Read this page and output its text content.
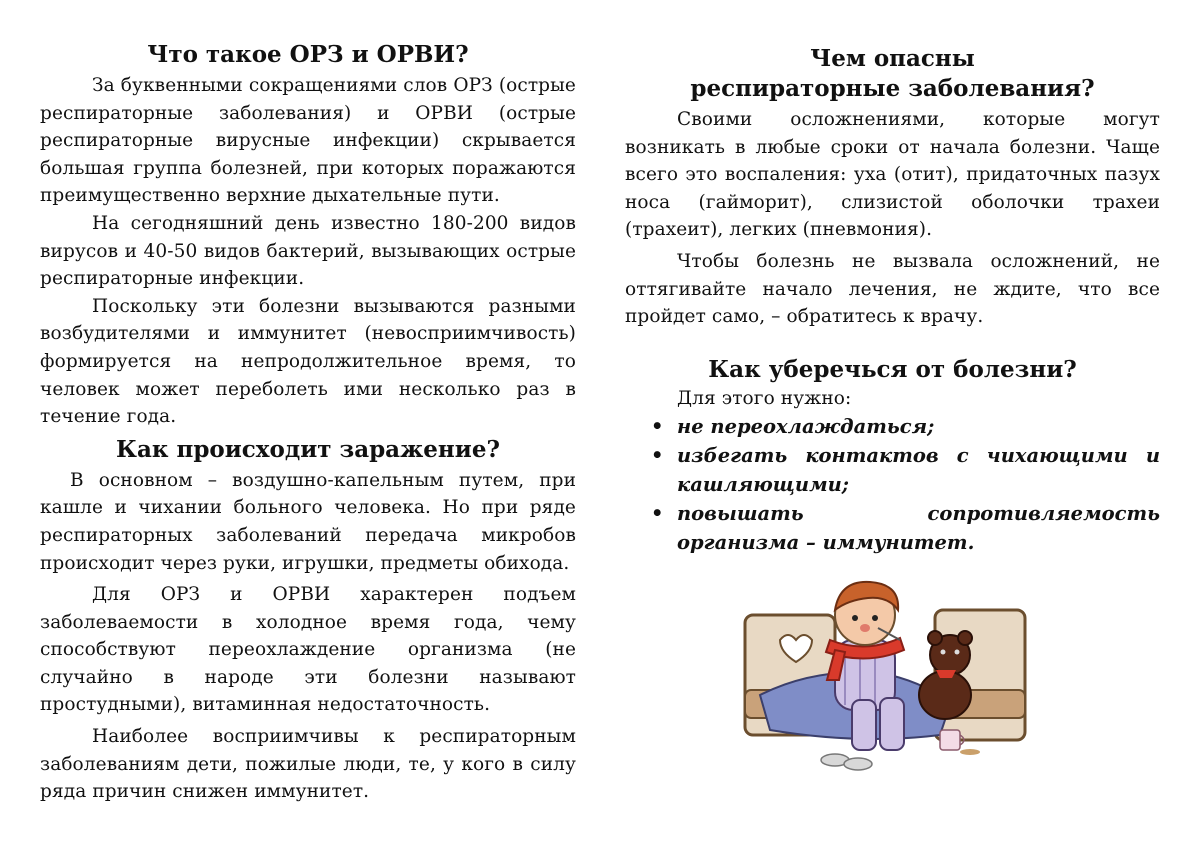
Что такое ОРЗ и ОРВИ?

За буквенными сокращениями слов ОРЗ (острые респираторные заболевания) и ОРВИ (острые респираторные вирусные инфекции) скрывается большая группа болезней, при которых поражаются преимущественно верхние дыхательные пути.

На сегодняшний день известно 180-200 видов вирусов и 40-50 видов бактерий, вызывающих острые респираторные инфекции.

Поскольку эти болезни вызываются разными возбудителями и иммунитет (невосприимчивость) формируется на непродолжительное время, то человек может переболеть ими несколько раз в течение года.

Как происходит заражение?

В основном – воздушно-капельным путем, при кашле и чихании больного человека. Но при ряде респираторных заболеваний передача микробов происходит через руки, игрушки, предметы обихода.

Для ОРЗ и ОРВИ характерен подъем заболеваемости в холодное время года, чему способствуют переохлаждение организма (не случайно в народе эти болезни называют простудными), витаминная недостаточность.

Наиболее восприимчивы к респираторным заболеваниям дети, пожилые люди, те, у кого в силу ряда причин снижен иммунитет.

Чем опасны
респираторные заболевания?

Своими осложнениями, которые могут возникать в любые сроки от начала болезни. Чаще всего это воспаления: уха (отит), придаточных пазух носа (гайморит), слизистой оболочки трахеи (трахеит), легких (пневмония).

Чтобы болезнь не вызвала осложнений, не оттягивайте начало лечения, не ждите, что все пройдет само, – обратитесь к врачу.

Как уберечься от болезни?

Для этого нужно:

• не переохлаждаться;
• избегать контактов с чихающими и кашляющими;
• повышать сопротивляемость организма – иммунитет.
